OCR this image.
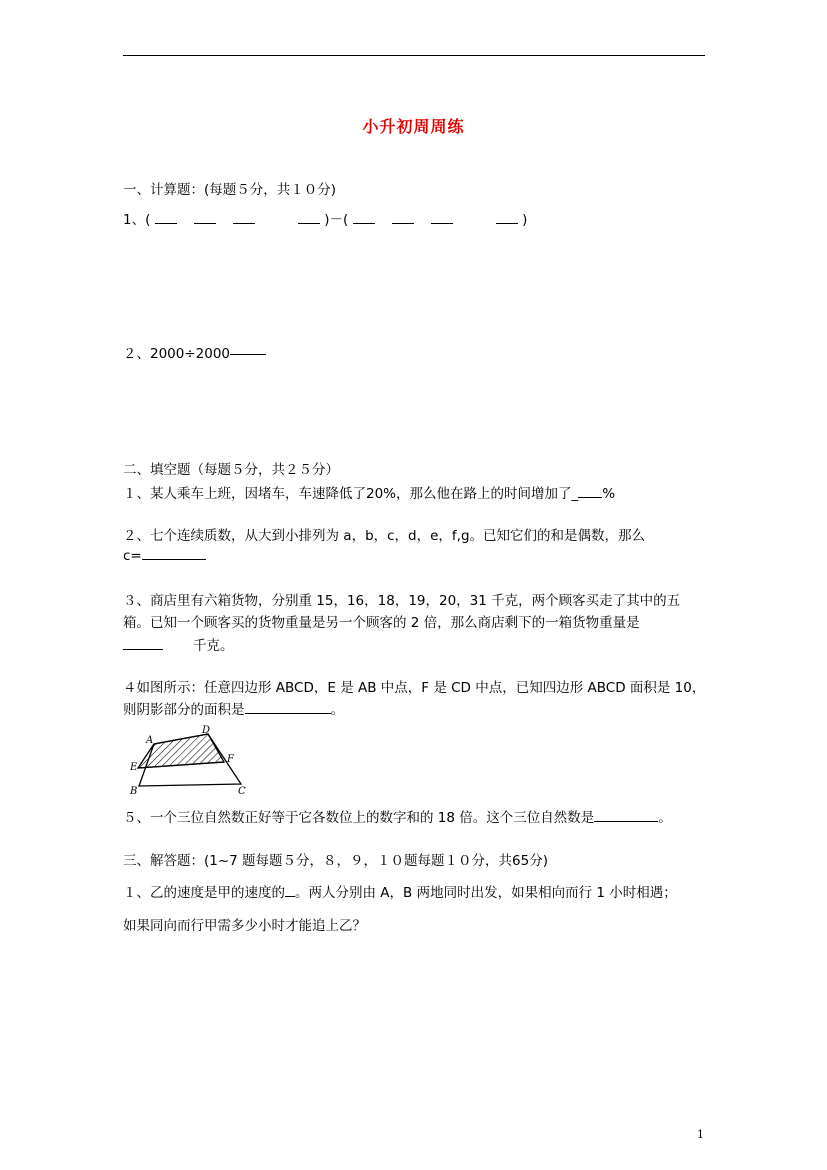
小升初周周练
一、计算题：(每题５分，共１０分)
1、(	)－(	)
２、2000÷2000
二、填空题（每题５分，共２５分）
１、某人乘车上班，因堵车，车速降低了20%，那么他在路上的时间增加了_ %
２、七个连续质数，从大到小排列为 a，b，c，d，e，f,g。已知它们的和是偶数，那么
c=
３、商店里有六箱货物，分别重 15，16，18，19，20，31 千克，两个顾客买走了其中的五
箱。已知一个顾客买的货物重量是另一个顾客的 2 倍，那么商店剩下的一箱货物重量是
千克。
４如图所示：任意四边形 ABCD，E 是 AB 中点，F 是 CD 中点，已知四边形 ABCD 面积是 10，
则阴影部分的面积是	。
A
D
E
F
B	C
５、一个三位自然数正好等于它各数位上的数字和的 18 倍。这个三位自然数是	。
三、解答题：(1~7 题每题５分，８，９，１０题每题１０分，共65分)
１、乙的速度是甲的速度的 。两人分别由 A，B 两地同时出发，如果相向而行 1 小时相遇；
如果同向而行甲需多少小时才能追上乙？
1
